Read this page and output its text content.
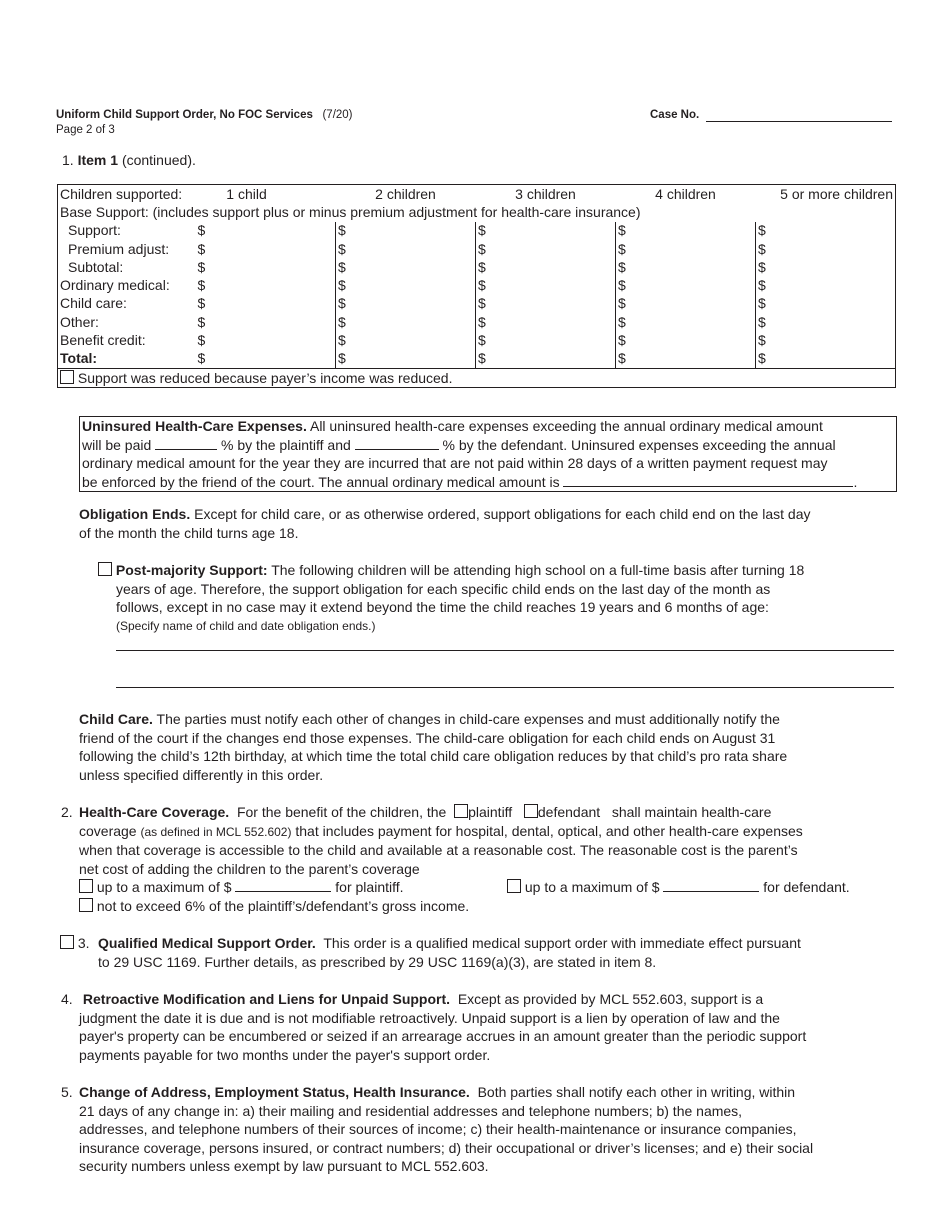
Uniform Child Support Order, No FOC Services (7/20)
Page 2 of 3
Case No.
1. Item 1 (continued).
Children supported:	1 child	2 children	3 children	4 children	5 or more children
Base Support: (includes support plus or minus premium adjustment for health-care insurance)					
Support:	$	$	$	$	$
Premium adjust:	$	$	$	$	$
Subtotal:	$	$	$	$	$
Ordinary medical:	$	$	$	$	$
Child care:	$	$	$	$	$
Other:	$	$	$	$	$
Benefit credit:	$	$	$	$	$
Total:	$	$	$	$	$
Support was reduced because payer’s income was reduced.					
Uninsured Health-Care Expenses. All uninsured health-care expenses exceeding the annual ordinary medical amount
will be paid	% by the plaintiff and	% by the defendant. Uninsured expenses exceeding the annual
ordinary medical amount for the year they are incurred that are not paid within 28 days of a written payment request may
be enforced by the friend of the court. The annual ordinary medical amount is	.
Obligation Ends. Except for child care, or as otherwise ordered, support obligations for each child end on the last day
of the month the child turns age 18.
Post-majority Support: The following children will be attending high school on a full-time basis after turning 18
years of age. Therefore, the support obligation for each specific child ends on the last day of the month as
follows, except in no case may it extend beyond the time the child reaches 19 years and 6 months of age:
(Specify name of child and date obligation ends.)
Child Care. The parties must notify each other of changes in child-care expenses and must additionally notify the
friend of the court if the changes end those expenses. The child-care obligation for each child ends on August 31
following the child’s 12th birthday, at which time the total child care obligation reduces by that child’s pro rata share
unless specified differently in this order.
2. Health-Care Coverage. For the benefit of the children, the plaintiff defendant shall maintain health-care
coverage (as defined in MCL 552.602) that includes payment for hospital, dental, optical, and other health-care expenses
when that coverage is accessible to the child and available at a reasonable cost. The reasonable cost is the parent’s
net cost of adding the children to the parent’s coverage
up to a maximum of $	for plaintiff.	up to a maximum of $	for defendant.
not to exceed 6% of the plaintiff’s/defendant’s gross income.
3. Qualified Medical Support Order. This order is a qualified medical support order with immediate effect pursuant
to 29 USC 1169. Further details, as prescribed by 29 USC 1169(a)(3), are stated in item 8.
4. Retroactive Modification and Liens for Unpaid Support. Except as provided by MCL 552.603, support is a
judgment the date it is due and is not modifiable retroactively. Unpaid support is a lien by operation of law and the
payer's property can be encumbered or seized if an arrearage accrues in an amount greater than the periodic support
payments payable for two months under the payer's support order.
5. Change of Address, Employment Status, Health Insurance. Both parties shall notify each other in writing, within
21 days of any change in: a) their mailing and residential addresses and telephone numbers; b) the names,
addresses, and telephone numbers of their sources of income; c) their health-maintenance or insurance companies,
insurance coverage, persons insured, or contract numbers; d) their occupational or driver’s licenses; and e) their social
security numbers unless exempt by law pursuant to MCL 552.603.
